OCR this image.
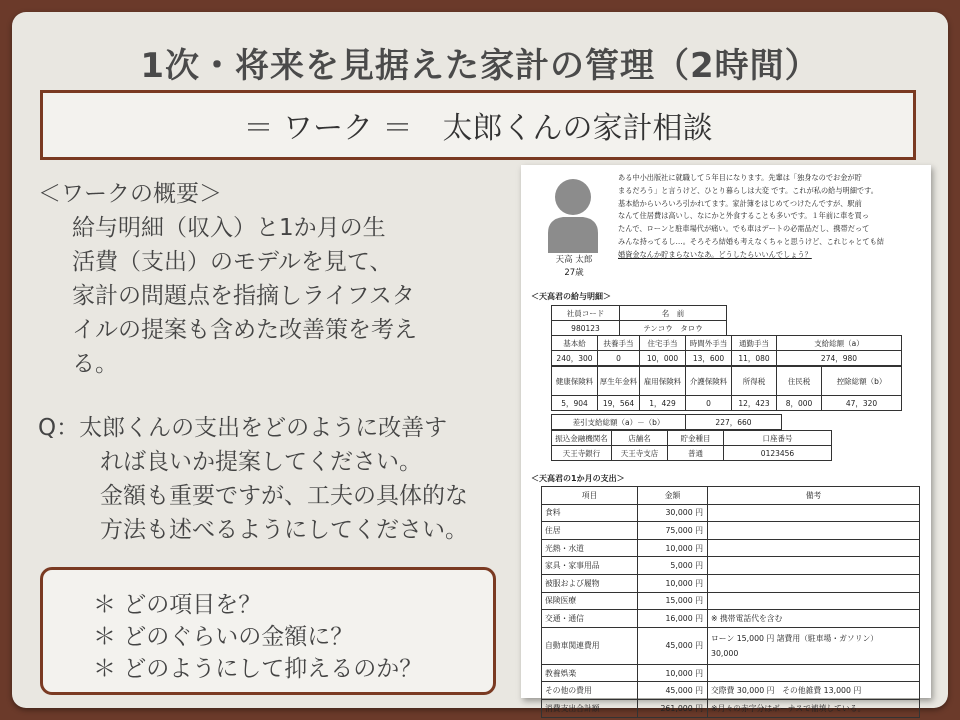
1次・将来を見据えた家計の管理（2時間）
＝ ワーク ＝　太郎くんの家計相談
＜ワークの概要＞
給与明細（収入）と1か月の生
活費（支出）のモデルを見て、
家計の問題点を指摘しライフスタ
イルの提案も含めた改善策を考え
る。
Q：太郎くんの支出をどのように改善す
れば良いか提案してください。
金額も重要ですが、工夫の具体的な
方法も述べるようにしてください。
＊ どの項目を？
＊ どのぐらいの金額に？
＊ どのようにして抑えるのか？
天高 太郎
27歳
ある中小出版社に就職して５年目になります。先輩は「独身なのでお金が貯
まるだろう」と言うけど、ひとり暮らしは大変 です。これが私の給与明細です。
基本給からいろいろ引かれてます。家計簿をはじめてつけたんですが、駅前
なんて住居費は高いし、なにかと外食することも多いです。１年前に車を買っ
たんで、ローンと駐車場代が痛い。でも車はデートの必需品だし、携帯だって
みんな持ってるし…。そろそろ結婚も考えなくちゃと思うけど、これじゃとても結
婚資金なんか貯まらないなあ。どうしたらいいんでしょう？
＜天高君の給与明細＞
社員コード	名　前
980123	テンコウ　タロウ
基本給	扶養手当	住宅手当	時間外手当	通勤手当	支給総額（a）
240，300	0	10，000	13，600	11，080	274，980
健康保険料	厚生年金料	雇用保険料	介護保険料	所得税	住民税	控除総額（b）
5，904	19，564	1，429	0	12，423	8，000	47，320
差引支給総額（a）－（b）	227，660
振込金融機関名	店舗名	貯金種目	口座番号
天王寺銀行	天王寺支店	普通	0123456
＜天高君の1か月の支出＞
項目	金額	備考
食料	30,000 円	
住居	75,000 円	
光熱・水道	10,000 円	
家具・家事用品	5,000 円	
被服および履物	10,000 円	
保険医療	15,000 円	
交通・通信	16,000 円	※ 携帯電話代を含む
自動車関連費用	45,000 円	ローン 15,000 円 諸費用（駐車場・ガソリン）
30,000

教養娯楽	10,000 円	
その他の費用	45,000 円	交際費 30,000 円　その他雑費 13,000 円
消費支出合計額	261,000 円	※月々の赤字分はボーナスで補填している。
